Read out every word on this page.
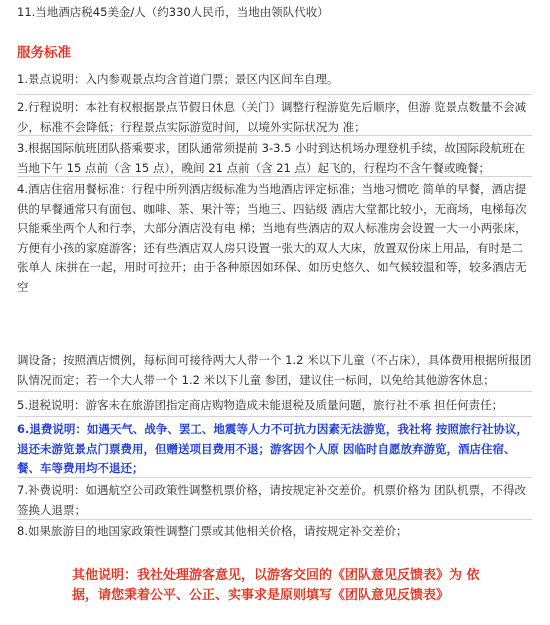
11.当地酒店税45美金/人（约330人民币，当地由领队代收）
服务标准
1.景点说明：入内参观景点均含首道门票；景区内区间车自理。
2.行程说明：本社有权根据景点节假日休息（关门）调整行程游览先后顺序，但游 览景点数量不会减少，标准不会降低；行程景点实际游览时间，以境外实际状况为 准；
3.根据国际航班团队搭乘要求，团队通常须提前 3-3.5 小时到达机场办理登机手续，故国际段航班在当地下午 15 点前（含 15 点），晚间 21 点前（含 21 点）起飞的，行程均不含午餐或晚餐；
4.酒店住宿用餐标准：行程中所列酒店级标准为当地酒店评定标准；当地习惯吃 简单的早餐，酒店提供的早餐通常只有面包、咖啡、茶、果汁等；当地三、四钻级 酒店大堂都比较小，无商场，电梯每次只能乘坐两个人和行李，大部分酒店没有电 梯；当地有些酒店的双人标准房会设置一大一小两张床，方便有小孩的家庭游客；还有些酒店双人房只设置一张大的双人大床，放置双份床上用品，有时是二张单人 床拼在一起，用时可拉开；由于各种原因如环保、如历史悠久、如气候较温和等，较多酒店无空
调设备；按照酒店惯例，每标间可接待两大人带一个 1.2 米以下儿童（不占床），具体费用根据所报团队情况而定；若一个大人带一个 1.2 米以下儿童 参团，建议住一标间，以免给其他游客休息；
5.退税说明：游客未在旅游团指定商店购物造成未能退税及质量问题，旅行社不承 担任何责任；
6.退费说明：如遇天气、战争、罢工、地震等人力不可抗力因素无法游览，我社将 按照旅行社协议，退还未游览景点门票费用，但赠送项目费用不退；游客因个人原 因临时自愿放弃游览，酒店住宿、餐、车等费用均不退还；
7.补费说明：如遇航空公司政策性调整机票价格，请按规定补交差价。机票价格为 团队机票，不得改签换人退票；
8.如果旅游目的地国家政策性调整门票或其他相关价格，请按规定补交差价；
其他说明：我社处理游客意见，以游客交回的《团队意见反馈表》为 依据，请您秉着公平、公正、实事求是原则填写《团队意见反馈表》
